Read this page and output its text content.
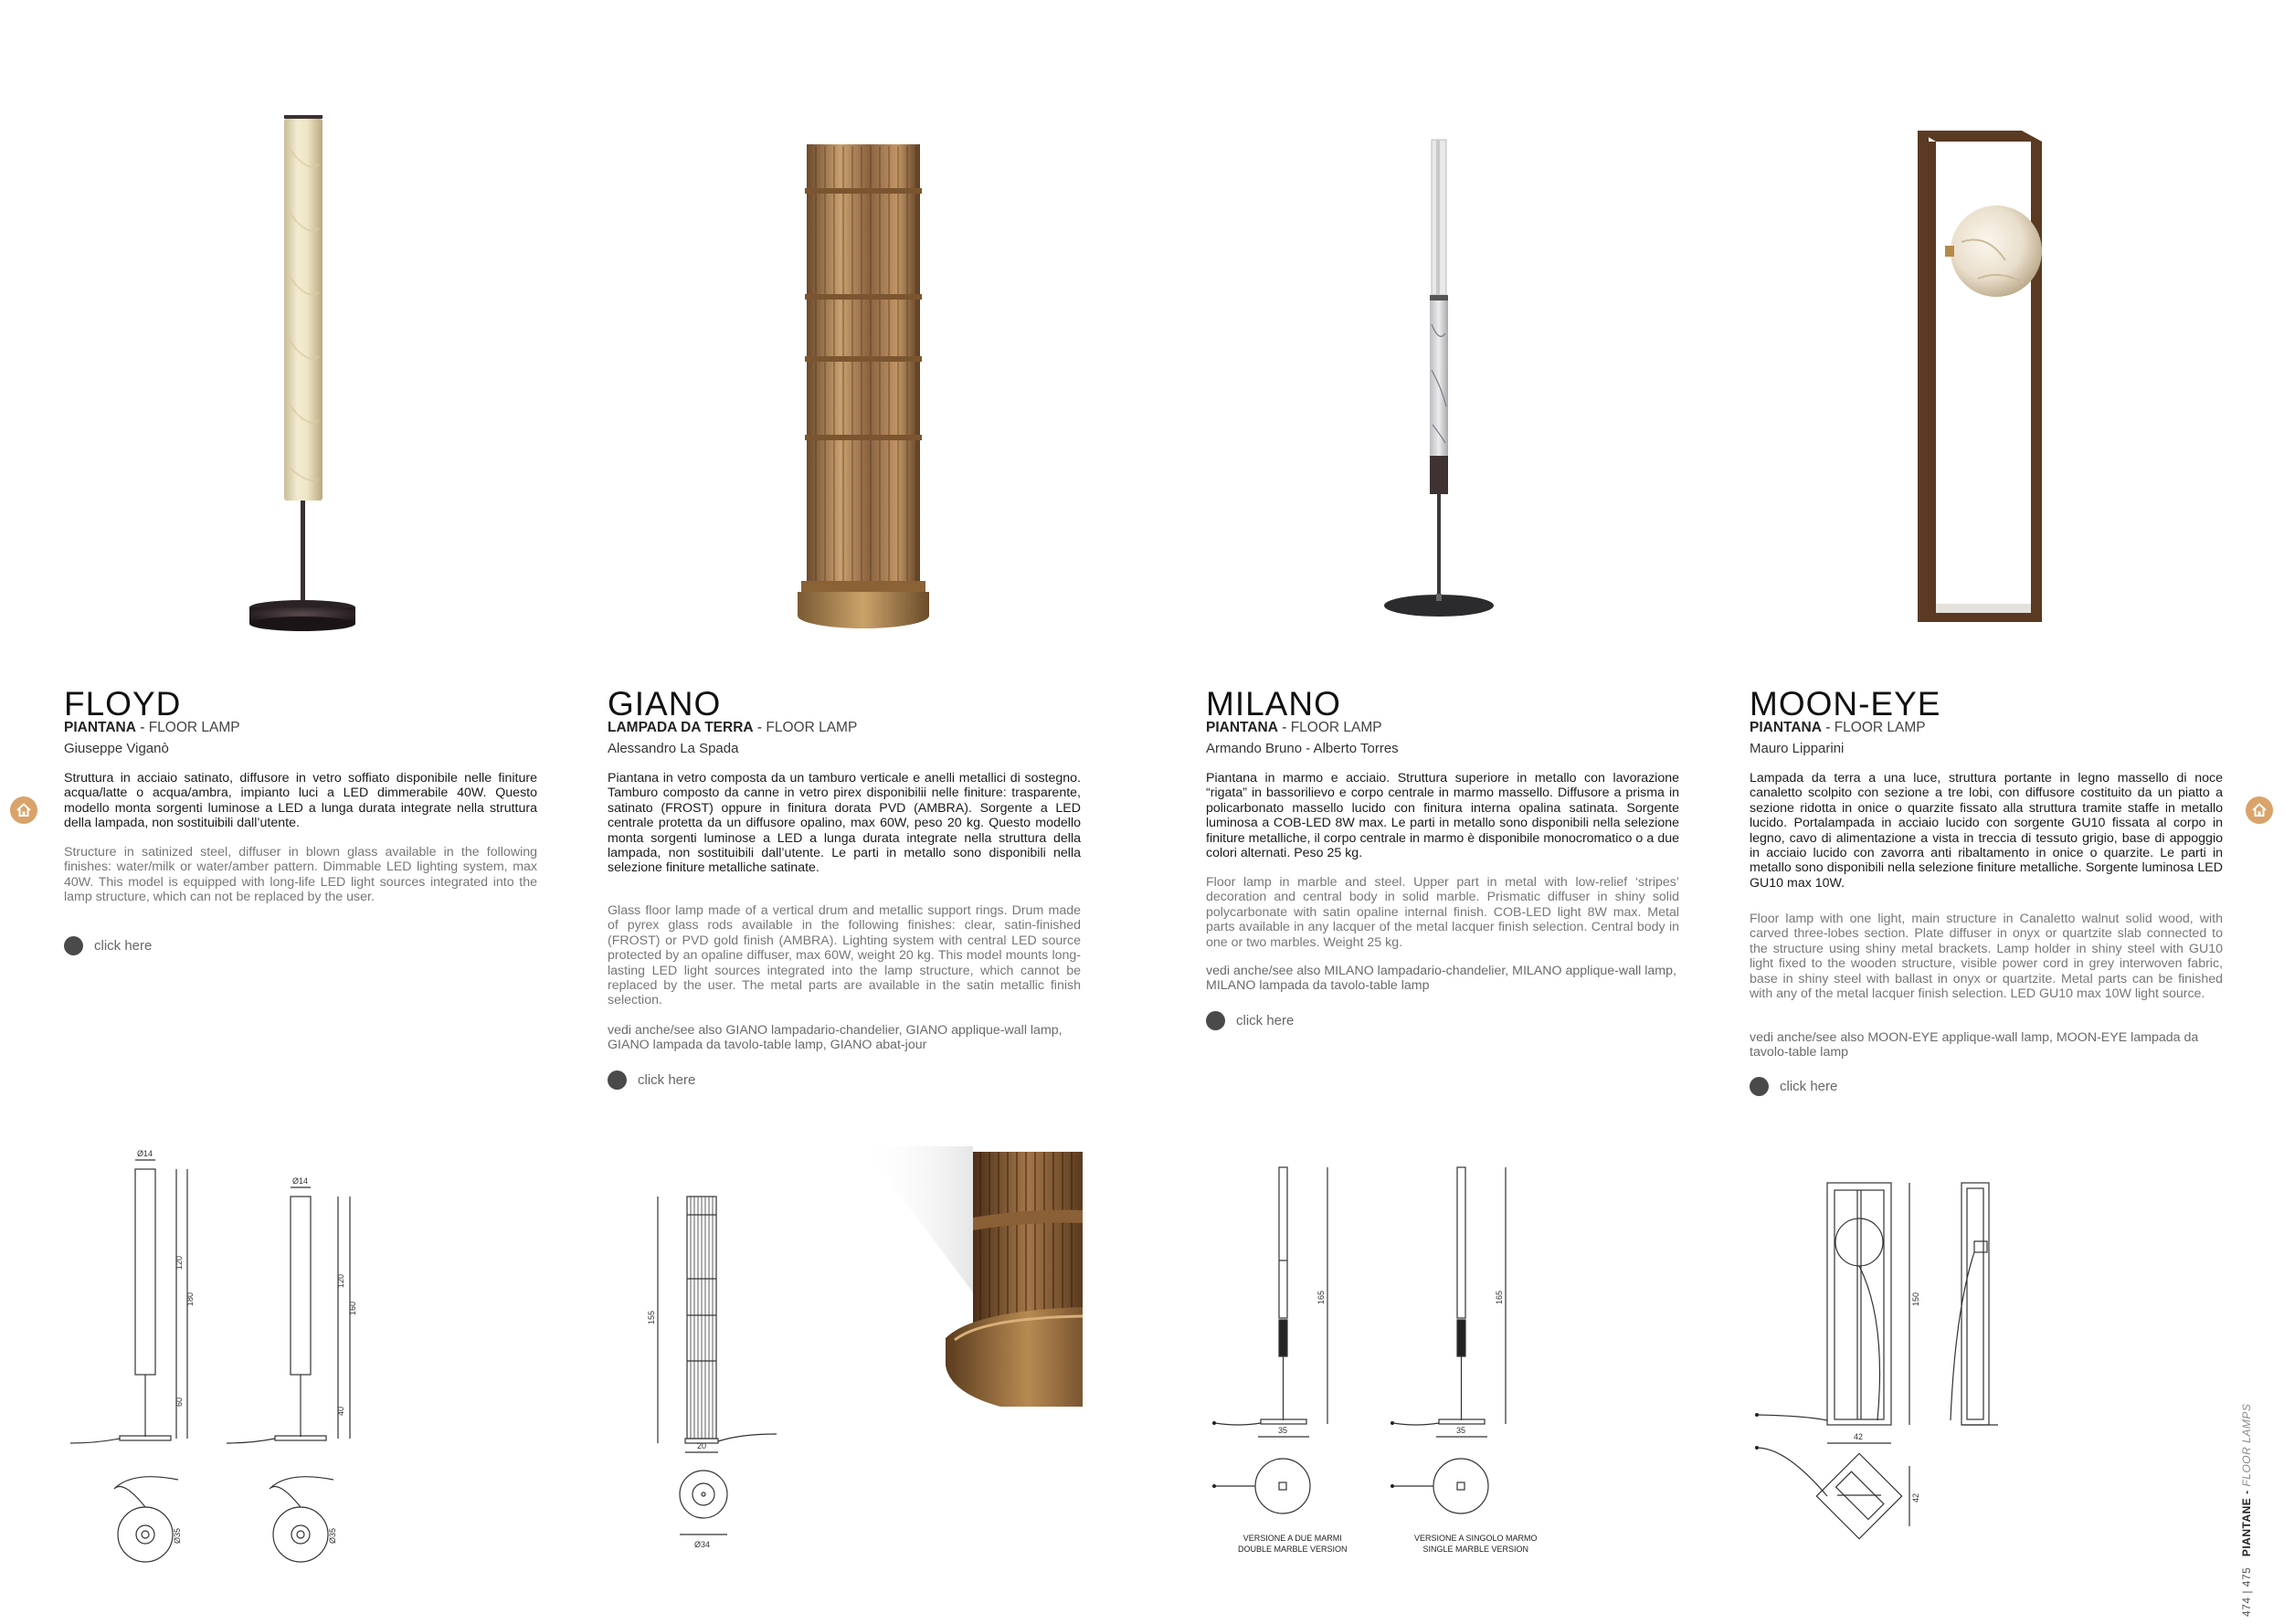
FLOYD
PIANTANA - FLOOR LAMP
Giuseppe Viganò
Struttura in acciaio satinato, diffusore in vetro soffiato disponibile nelle finiture acqua/latte o acqua/ambra, impianto luci a LED dimmerabile 40W. Questo modello monta sorgenti luminose a LED a lunga durata integrate nella struttura della lampada, non sostituibili dall’utente.
Structure in satinized steel, diffuser in blown glass available in the following finishes: water/milk or water/amber pattern. Dimmable LED lighting system, max 40W. This model is equipped with long-life LED light sources integrated into the lamp structure, which can not be replaced by the user.
click here
GIANO
LAMPADA DA TERRA - FLOOR LAMP
Alessandro La Spada
Piantana in vetro composta da un tamburo verticale e anelli metallici di sostegno. Tamburo composto da canne in vetro pirex disponibilii nelle finiture: trasparente, satinato (FROST) oppure in finitura dorata PVD (AMBRA). Sorgente a LED centrale protetta da un diffusore opalino, max 60W, peso 20 kg. Questo modello monta sorgenti luminose a LED a lunga durata integrate nella struttura della lampada, non sostituibili dall’utente. Le parti in metallo sono disponibili nella selezione finiture metalliche satinate.
Glass floor lamp made of a vertical drum and metallic support rings. Drum made of pyrex glass rods available in the following finishes: clear, satin-finished (FROST) or PVD gold finish (AMBRA). Lighting system with central LED source protected by an opaline diffuser, max 60W, weight 20 kg. This model mounts long-lasting LED light sources integrated into the lamp structure, which cannot be replaced by the user. The metal parts are available in the satin metallic finish selection.
vedi anche/see also GIANO lampadario-chandelier, GIANO applique-wall lamp, GIANO lampada da tavolo-table lamp, GIANO abat-jour
click here
MILANO
PIANTANA - FLOOR LAMP
Armando Bruno - Alberto Torres
Piantana in marmo e acciaio. Struttura superiore in metallo con lavorazione “rigata” in bassorilievo e corpo centrale in marmo massello. Diffusore a prisma in policarbonato massello lucido con finitura interna opalina satinata. Sorgente luminosa a COB-LED 8W max. Le parti in metallo sono disponibili nella selezione finiture metalliche, il corpo centrale in marmo è disponibile monocromatico o a due colori alternati. Peso 25 kg.
Floor lamp in marble and steel. Upper part in metal with low-relief ‘stripes’ decoration and central body in solid marble. Prismatic diffuser in shiny solid polycarbonate with satin opaline internal finish. COB-LED light 8W max. Metal parts available in any lacquer of the metal lacquer finish selection. Central body in one or two marbles. Weight 25 kg.
vedi anche/see also MILANO lampadario-chandelier, MILANO applique-wall lamp, MILANO lampada da tavolo-table lamp
click here
MOON-EYE
PIANTANA - FLOOR LAMP
Mauro Lipparini
Lampada da terra a una luce, struttura portante in legno massello di noce canaletto scolpito con sezione a tre lobi, con diffusore costituito da un piatto a sezione ridotta in onice o quarzite fissato alla struttura tramite staffe in metallo lucido. Portalampada in acciaio lucido con sorgente GU10 fissata al corpo in legno, cavo di alimentazione a vista in treccia di tessuto grigio, base di appoggio in acciaio lucido con zavorra anti ribaltamento in onice o quarzite. Le parti in metallo sono disponibili nella selezione finiture metalliche. Sorgente luminosa LED GU10 max 10W.
Floor lamp with one light, main structure in Canaletto walnut solid wood, with carved three-lobes section. Plate diffuser in onyx or quartzite slab connected to the structure using shiny metal brackets. Lamp holder in shiny steel with GU10 light fixed to the wooden structure, visible power cord in grey interwoven fabric, base in shiny steel with ballast in onyx or quartzite. Metal parts can be finished with any of the metal lacquer finish selection. LED GU10 max 10W light source.
vedi anche/see also MOON-EYE applique-wall lamp, MOON-EYE lampada da tavolo-table lamp
click here
Ø14
120
180
60
Ø14
120
160
40
Ø35	Ø35
155
20
Ø34
165
35
165
35
VERSIONE A DUE MARMI
DOUBLE MARBLE VERSION
VERSIONE A SINGOLO MARMO
SINGLE MARBLE VERSION
150
42
42
474 | 475   PIANTANE - FLOOR LAMPS
